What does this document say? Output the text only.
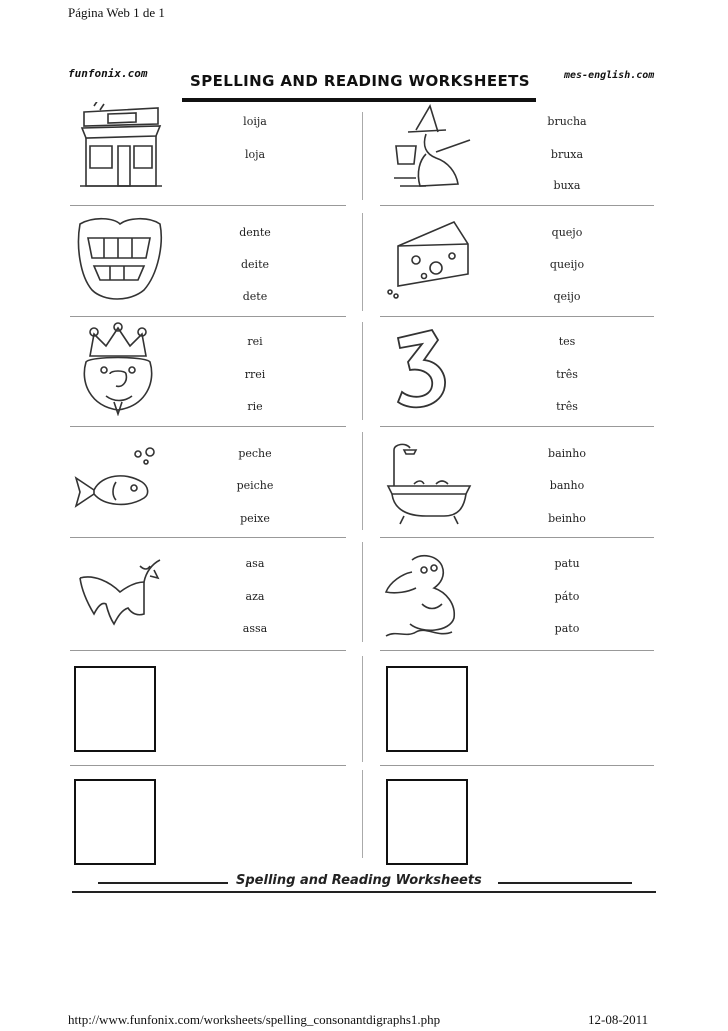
Página Web 1 de 1
http://www.funfonix.com/worksheets/spelling_consonantdigraphs1.php	12-08-2011
funfonix.com	SPELLING AND READING WORKSHEETS	mes-english.com
loija
loja
brucha
bruxa
buxa
dente
deite
dete
quejo
queijo
qeijo
rei
rrei
rie
tes
três
três
peche
peiche
peixe
bainho
banho
beinho
asa
aza
assa
patu
páto
pato
Spelling and Reading Worksheets
